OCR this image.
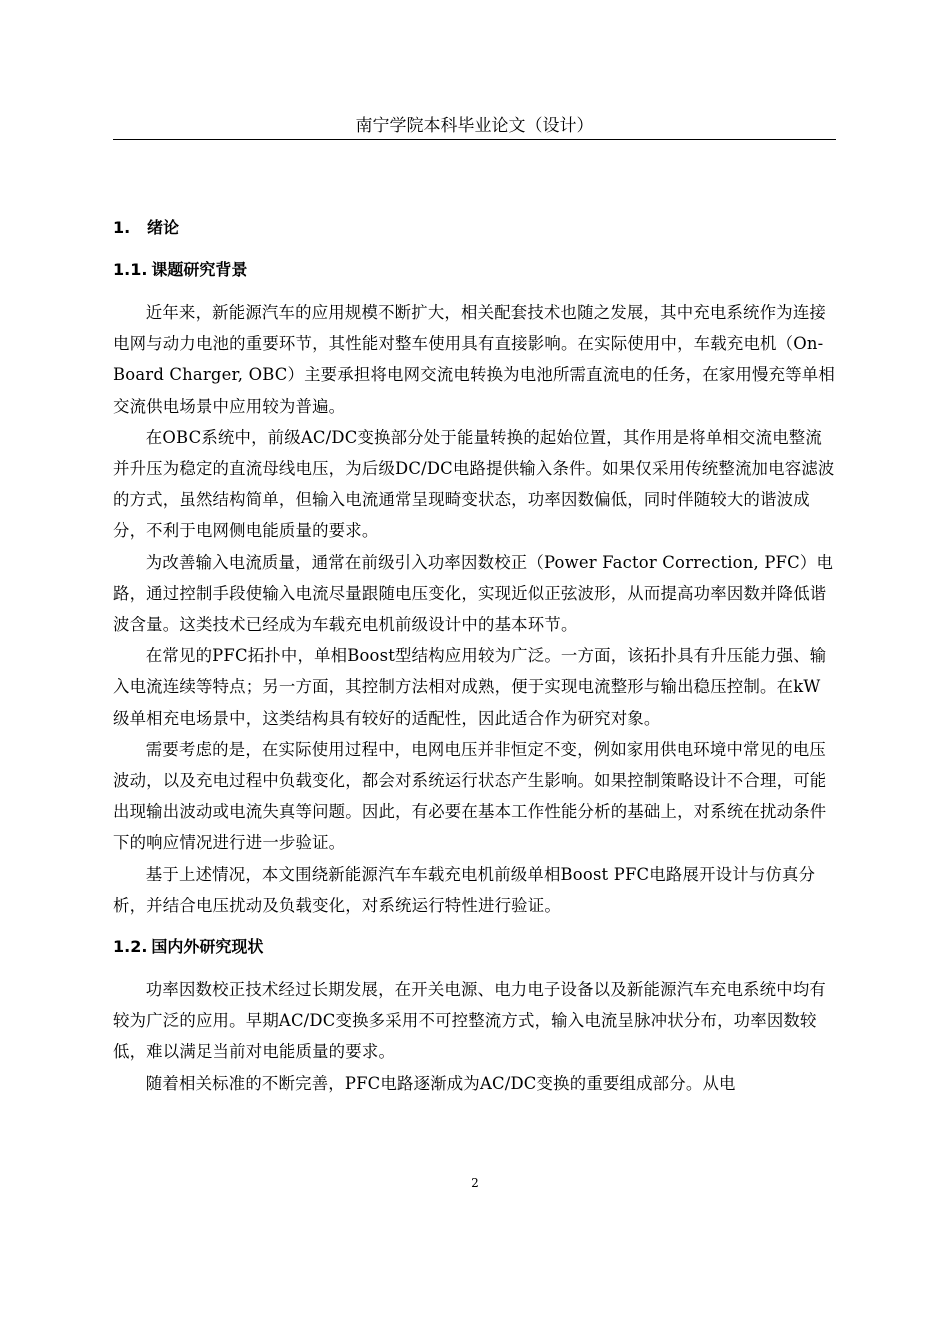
南宁学院本科毕业论文（设计）
1. 绪论
1.1. 课题研究背景

近年来，新能源汽车的应用规模不断扩大，相关配套技术也随之发展，其中充电系统作为连接电网与动力电池的重要环节，其性能对整车使用具有直接影响。在实际使用中，车载充电机（On-Board Charger, OBC）主要承担将电网交流电转换为电池所需直流电的任务，在家用慢充等单相交流供电场景中应用较为普遍。

在OBC系统中，前级AC/DC变换部分处于能量转换的起始位置，其作用是将单相交流电整流并升压为稳定的直流母线电压，为后级DC/DC电路提供输入条件。如果仅采用传统整流加电容滤波的方式，虽然结构简单，但输入电流通常呈现畸变状态，功率因数偏低，同时伴随较大的谐波成分，不利于电网侧电能质量的要求。

为改善输入电流质量，通常在前级引入功率因数校正（Power Factor Correction, PFC）电路，通过控制手段使输入电流尽量跟随电压变化，实现近似正弦波形，从而提高功率因数并降低谐波含量。这类技术已经成为车载充电机前级设计中的基本环节。

在常见的PFC拓扑中，单相Boost型结构应用较为广泛。一方面，该拓扑具有升压能力强、输入电流连续等特点；另一方面，其控制方法相对成熟，便于实现电流整形与输出稳压控制。在kW级单相充电场景中，这类结构具有较好的适配性，因此适合作为研究对象。

需要考虑的是，在实际使用过程中，电网电压并非恒定不变，例如家用供电环境中常见的电压波动，以及充电过程中负载变化，都会对系统运行状态产生影响。如果控制策略设计不合理，可能出现输出波动或电流失真等问题。因此，有必要在基本工作性能分析的基础上，对系统在扰动条件下的响应情况进行进一步验证。

基于上述情况，本文围绕新能源汽车车载充电机前级单相Boost PFC电路展开设计与仿真分析，并结合电压扰动及负载变化，对系统运行特性进行验证。

1.2. 国内外研究现状

功率因数校正技术经过长期发展，在开关电源、电力电子设备以及新能源汽车充电系统中均有较为广泛的应用。早期AC/DC变换多采用不可控整流方式，输入电流呈脉冲状分布，功率因数较低，难以满足当前对电能质量的要求。

随着相关标准的不断完善，PFC电路逐渐成为AC/DC变换的重要组成部分。从电

2
